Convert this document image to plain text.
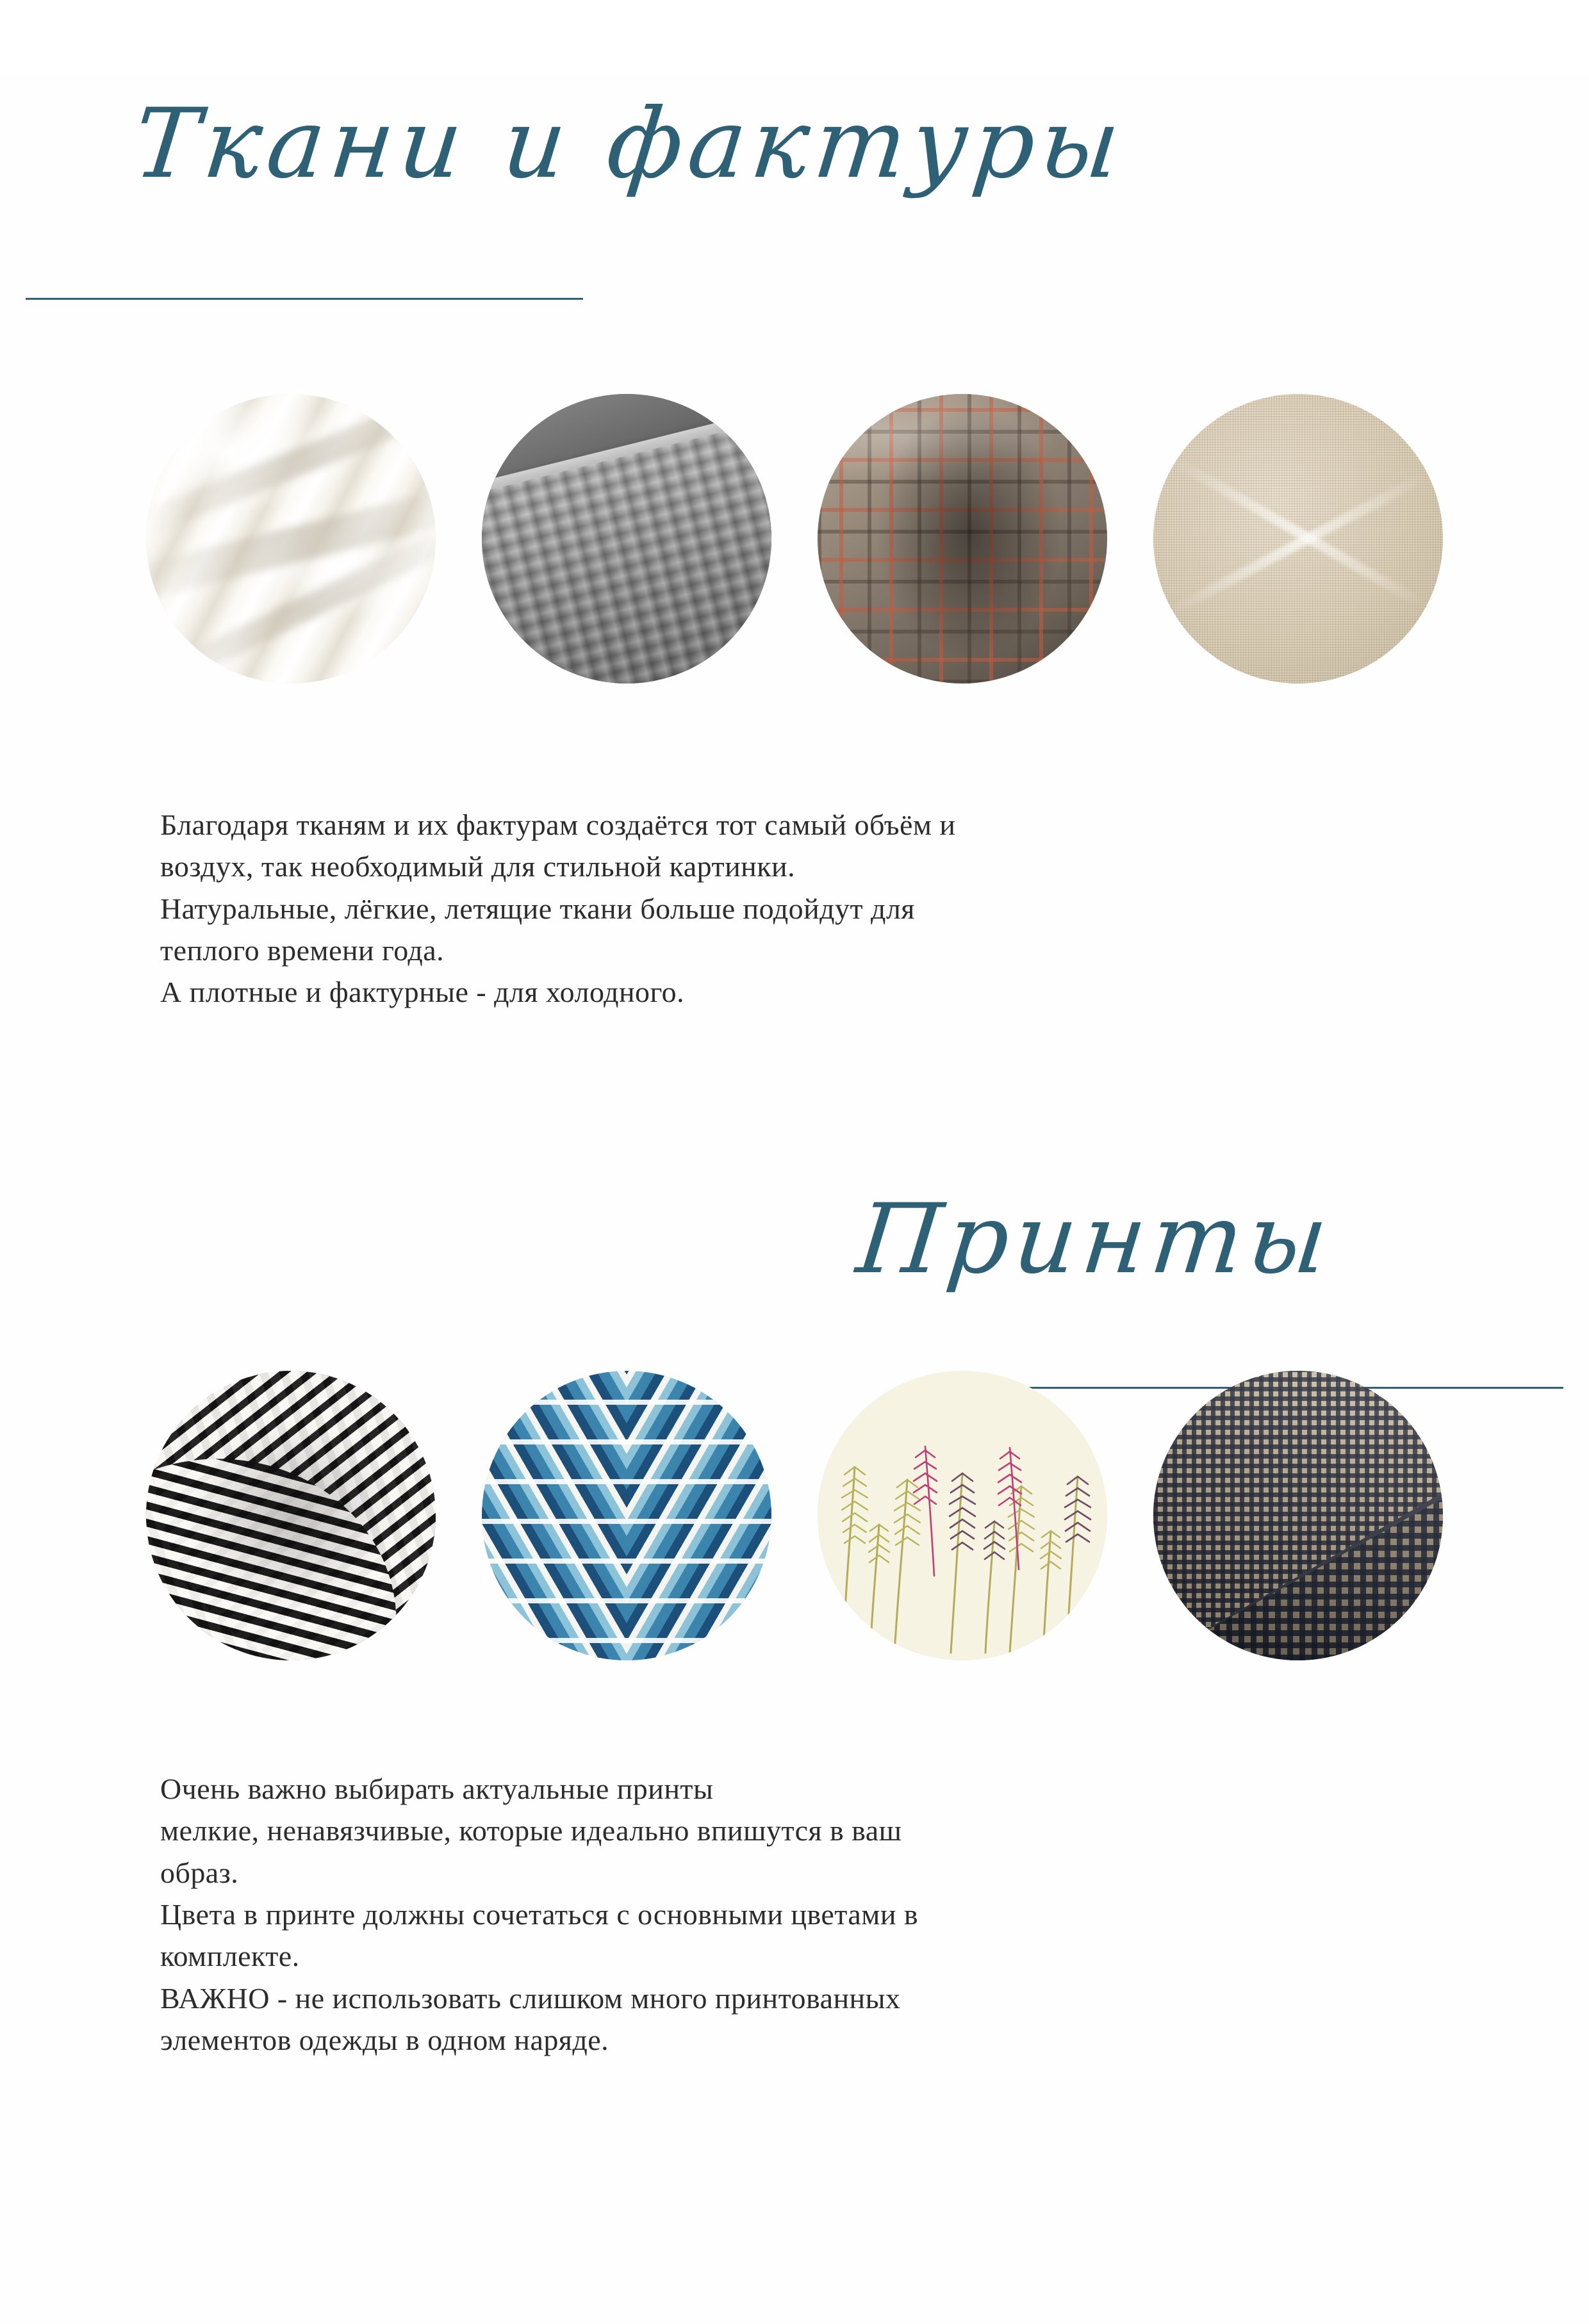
Ткани и фактуры

Благодаря тканям и их фактурам создаётся тот самый объём и

воздух, так необходимый для стильной картинки.

Натуральные, лёгкие, летящие ткани больше подойдут для

теплого времени года.

А плотные и фактурные - для холодного.

Принты

Очень важно выбирать актуальные принты

мелкие, ненавязчивые, которые идеально впишутся в ваш

образ.

Цвета в принте должны сочетаться с основными цветами в

комплекте.

ВАЖНО - не использовать слишком много принтованных

элементов одежды в одном наряде.
